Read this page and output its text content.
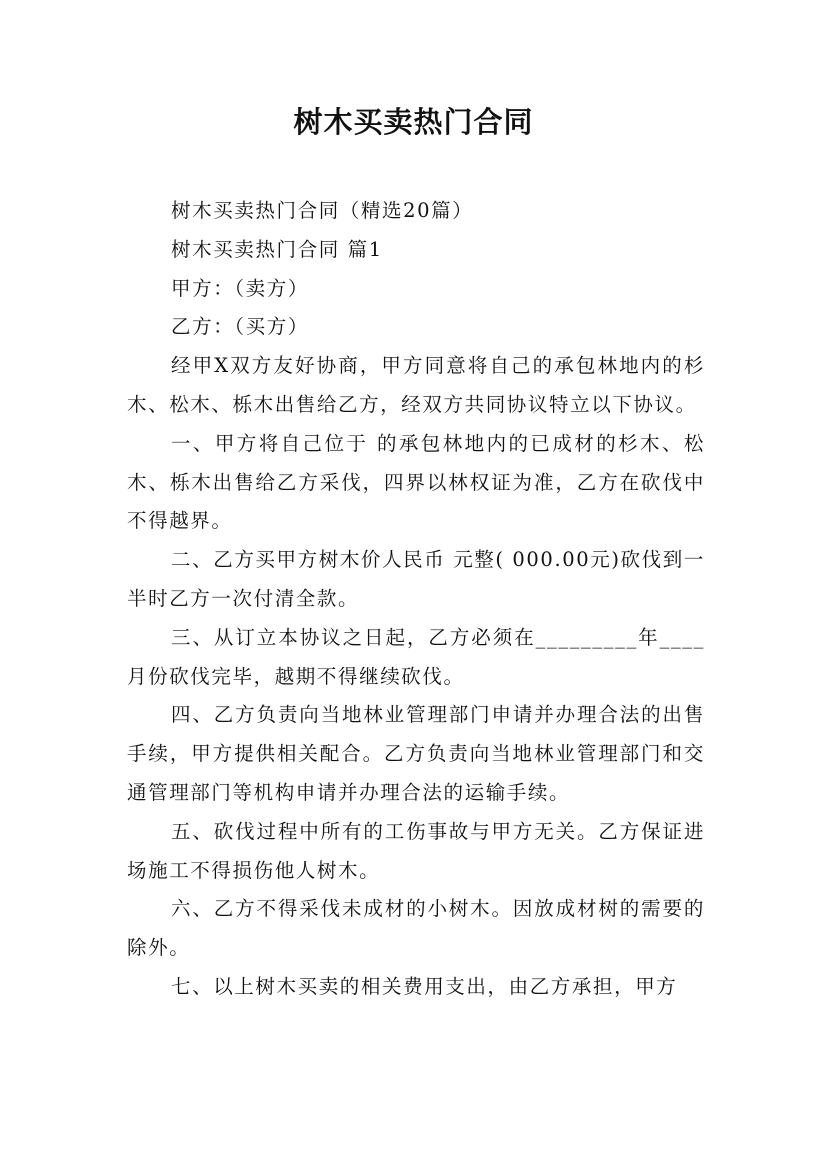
树木买卖热门合同

树木买卖热门合同（精选20篇）

树木买卖热门合同 篇1

甲方：（卖方）

乙方：（买方）

经甲X双方友好协商，甲方同意将自己的承包林地内的杉木、松木、栎木出售给乙方，经双方共同协议特立以下协议。

一、甲方将自己位于 的承包林地内的已成材的杉木、松木、栎木出售给乙方采伐，四界以林权证为准，乙方在砍伐中不得越界。

二、乙方买甲方树木价人民币 元整( 000.00元)砍伐到一半时乙方一次付清全款。

三、从订立本协议之日起，乙方必须在_________年____月份砍伐完毕，越期不得继续砍伐。

四、乙方负责向当地林业管理部门申请并办理合法的出售手续，甲方提供相关配合。乙方负责向当地林业管理部门和交通管理部门等机构申请并办理合法的运输手续。

五、砍伐过程中所有的工伤事故与甲方无关。乙方保证进场施工不得损伤他人树木。

六、乙方不得采伐未成材的小树木。因放成材树的需要的除外。

七、以上树木买卖的相关费用支出，由乙方承担，甲方
